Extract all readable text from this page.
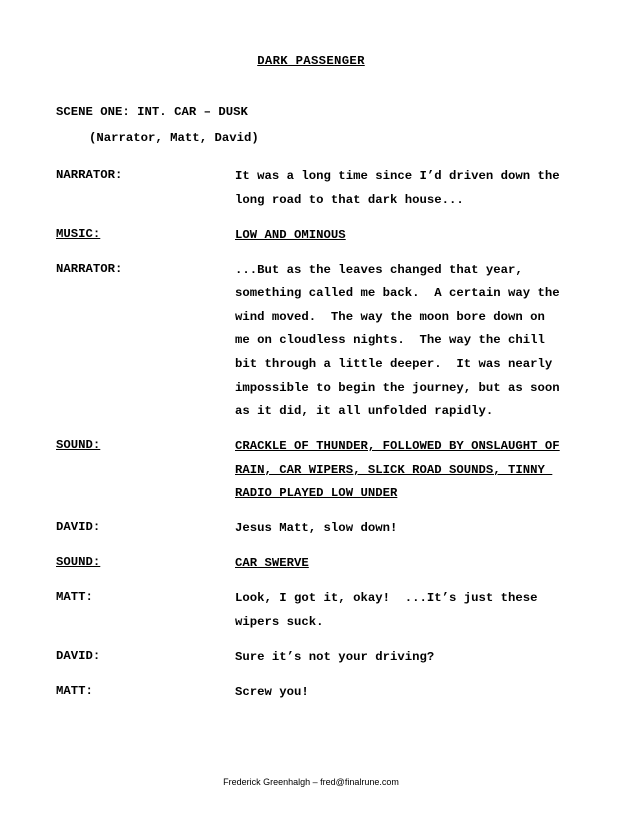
DARK PASSENGER
SCENE ONE: INT. CAR – DUSK
(Narrator, Matt, David)
NARRATOR:	It was a long time since I’d driven down the
long road to that dark house...
MUSIC:	LOW AND OMINOUS
NARRATOR:	...But as the leaves changed that year,
something called me back.  A certain way the
wind moved.  The way the moon bore down on
me on cloudless nights.  The way the chill
bit through a little deeper.  It was nearly
impossible to begin the journey, but as soon
as it did, it all unfolded rapidly.
SOUND:	CRACKLE OF THUNDER, FOLLOWED BY ONSLAUGHT OF
RAIN, CAR WIPERS, SLICK ROAD SOUNDS, TINNY
RADIO PLAYED LOW UNDER
DAVID:	Jesus Matt, slow down!
SOUND:	CAR SWERVE
MATT:	Look, I got it, okay!  ...It’s just these
wipers suck.
DAVID:	Sure it’s not your driving?
MATT:	Screw you!
Frederick Greenhalgh – fred@finalrune.com
